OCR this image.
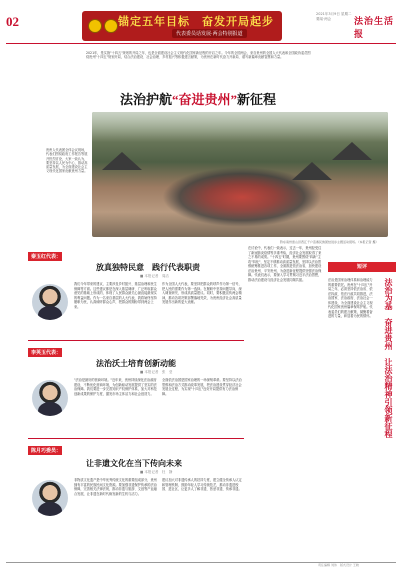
02	锚定五年目标　奋发开局起步
代表委员话发展·两会特别报道
2021年3月9日 星期二
要闻·两会	法治生活报
2021年，是实施"十四五"规划的开局之年，也是全面建设社会主义现代化国家新征程的开启之年。今年的全国两会，来自贵州的全国人大代表和全国政协委员围绕贵州"十四五"规划开局，结合法治建设、社会治理、乡村振兴等积极建言献策，为贵州在新时代奋力开新局、谱写新篇章贡献智慧和力量。
法治护航“奋进贵州”新征程
贵州人代表团全体会议现场，代表们围绕政府工作报告等展开热烈讨论，大家一致认为，要坚持以人民为中心，推动高质量发展，为全面建设社会主义现代化国家贡献贵州力量。
黔东南州雷山县西江千户苗寨民族团结进步主题活动现场。（本报记者 摄）
秦玉红代表：
放真独特民意　践行代表职责
■ 本报记者　周洁
我们今年带来的建议，主要涉及乡村振兴、基层治理和民生保障等方面。这些建议都是在深入基层调研、广泛听取群众意见的基础上形成的，体现了人民群众最关心最直接最现实的利益问题。作为一名来自基层的人大代表，我将始终坚持履职为民，认真倾听群众心声，把群众的期盼带到两会上来。
作为全国人大代表，要坚持把群众的呼声作为第一信号，把人民的需要作为第一选择。在履职中坚持问题导向，深入调查研究，形成高质量建议。同时，要积极宣传两会精神，推动各项决策部署落地见效，为贵州经济社会高质量发展作出新的更大贡献。
李英玉代表：
法治沃土培育创新动能
■ 本报记者　张　莹
"法治是最好的营商环境。"近年来，贵州持续深化法治政府建设，不断优化营商环境，为创新驱动发展提供了坚实的法治保障。我们要进一步完善知识产权保护体系，加大对科技创新成果的保护力度，激发市场主体活力和社会创造力。
全面依法治国是国家治理的一场深刻革命。要坚持以法治思维和法治方式推动改革发展，把法治建设贯穿经济社会发展全过程，为实现"十四五"良好开局提供有力法治保障。
陈月巧委员：
让非遗文化在当下传向未来
■ 本报记者　杜　静
非物质文化遗产是中华优秀传统文化的重要组成部分，贵州拥有丰富的民族民间文化资源。要加强非遗保护传承的法治保障，完善相关法律法规，推动非遗与旅游、文创等产业融合发展，让非遗在新时代焕发新的生机与活力。
建议加大对非遗传承人的扶持力度，建立健全传承人认定和管理机制，鼓励年轻人学习传统技艺，推动非遗进校园、进社区，让更多人了解非遗、热爱非遗、传承非遗。
在讨论中，代表们一致表示，过去一年，贵州经受住了新冠肺炎疫情等多重考验，经济社会发展取得了来之不易的成绩。"十四五"时期，贵州要围绕"四新"主攻"四化"，坚定不移推动高质量发展，坚持以法治思维统筹推进各项工作，全面推进依法治省，加快建设法治贵州、平安贵州，为奋进新征程提供坚强法治保障。代表们表示，要深入学习贯彻习近平法治思想，推动法治建设与经济社会发展同频共振。
短评
法治为基　奋进贵州　让法治精神引领新征程
法治是国家治理体系和治理能力的重要依托。贵州在"十四五"开局之年，必须坚持依法治省、依法执政、依法行政共同推进，法治国家、法治政府、法治社会一体建设，为全面建设社会主义现代化国家贵州篇章保驾护航。代表委员们的建言献策，凝聚着奋进的力量，彰显着为民的情怀。
责任编辑 刘伟　版式设计 王晓
